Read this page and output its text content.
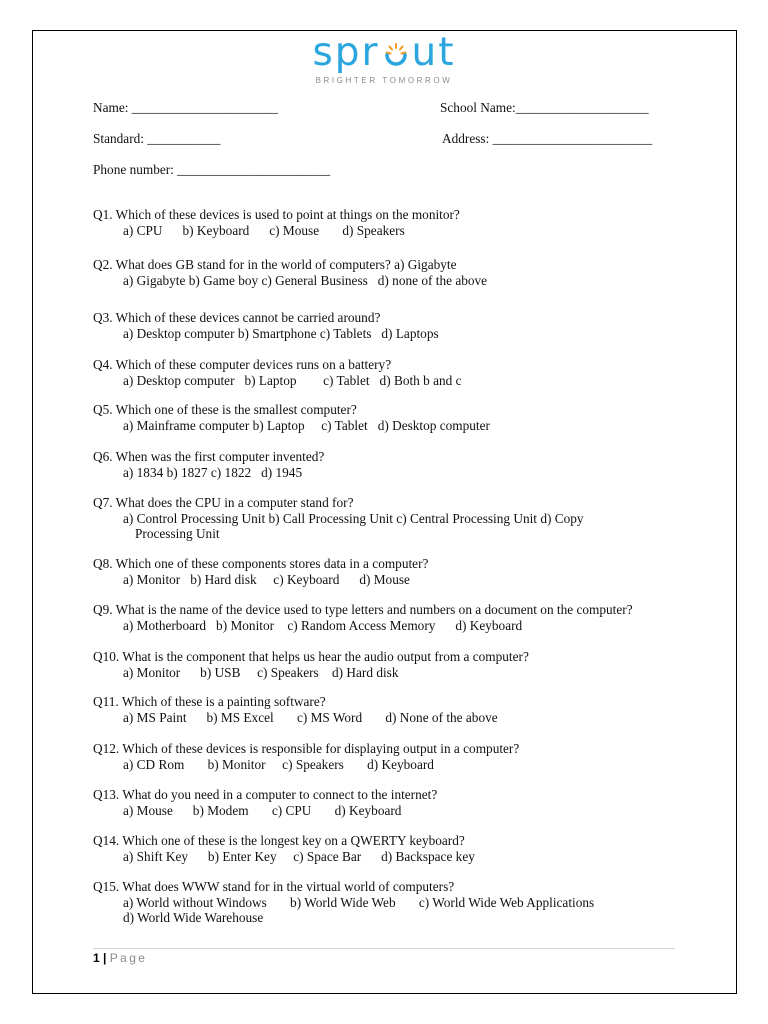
spr ut
BRIGHTER TOMORROW
Name: ______________________	School Name:____________________
Standard: ___________	Address: ________________________
Phone number: _______________________
Q1. Which of these devices is used to point at things on the monitor?
a) CPU      b) Keyboard      c) Mouse       d) Speakers
Q2. What does GB stand for in the world of computers? a) Gigabyte
a) Gigabyte b) Game boy c) General Business   d) none of the above
Q3. Which of these devices cannot be carried around?
a) Desktop computer b) Smartphone c) Tablets   d) Laptops
Q4. Which of these computer devices runs on a battery?
a) Desktop computer   b) Laptop        c) Tablet   d) Both b and c
Q5. Which one of these is the smallest computer?
a) Mainframe computer b) Laptop     c) Tablet   d) Desktop computer
Q6. When was the first computer invented?
a) 1834 b) 1827 c) 1822   d) 1945
Q7. What does the CPU in a computer stand for?
a) Control Processing Unit b) Call Processing Unit c) Central Processing Unit d) Copy
Processing Unit
Q8. Which one of these components stores data in a computer?
a) Monitor   b) Hard disk     c) Keyboard      d) Mouse
Q9. What is the name of the device used to type letters and numbers on a document on the computer?
a) Motherboard   b) Monitor    c) Random Access Memory      d) Keyboard
Q10. What is the component that helps us hear the audio output from a computer?
a) Monitor      b) USB     c) Speakers    d) Hard disk
Q11. Which of these is a painting software?
a) MS Paint      b) MS Excel       c) MS Word       d) None of the above
Q12. Which of these devices is responsible for displaying output in a computer?
a) CD Rom       b) Monitor     c) Speakers       d) Keyboard
Q13. What do you need in a computer to connect to the internet?
a) Mouse      b) Modem       c) CPU       d) Keyboard
Q14. Which one of these is the longest key on a QWERTY keyboard?
a) Shift Key      b) Enter Key     c) Space Bar      d) Backspace key
Q15. What does WWW stand for in the virtual world of computers?
a) World without Windows       b) World Wide Web       c) World Wide Web Applications
d) World Wide Warehouse
1 | Page
